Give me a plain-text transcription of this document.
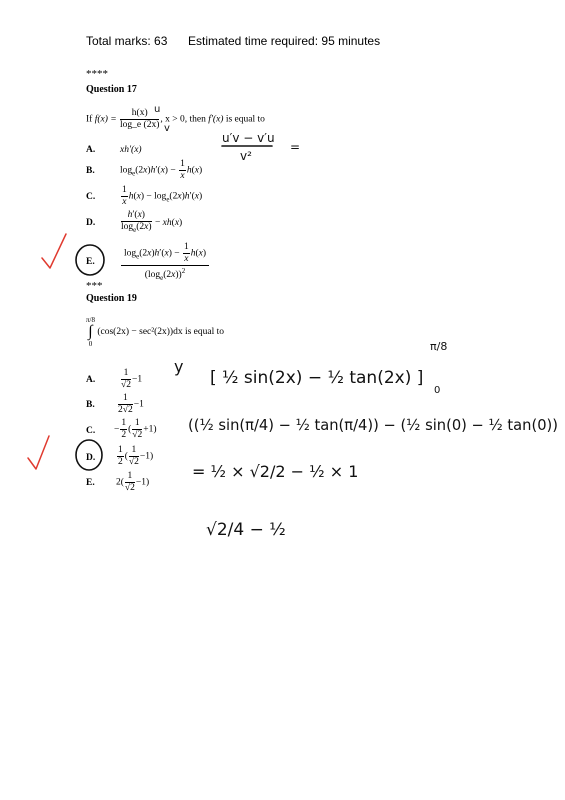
Total marks: 63 Estimated time required: 95 minutes
****
Question 17
If $f(x) = \frac{h(x)}{\log\_e (2x)}$ , x > 0, then f′(x) is equal to
A.	xh′(x)
B.	$\log_e(2x)h'(x) - \frac{1}{x} h(x)$
C.	$\frac{1}{x} h(x) - \log_e(2x)h'(x)$
D.	$\frac{h'(x)}{\log_e(2x)} - xh(x)$
E.	$\frac{\log_e(2x)h'(x) - \frac{1}{x} h(x)}{(\log_e(2x))^2}$
***
Question 19
π/8
∫
0
(cos(2x) − sec²(2x))dx is equal to
A.	$\frac{1}{√2} -1$
B. $\frac{1}{2√2} -1$
C. − $\frac{1}{2}$ ( $\frac{1}{√2} +1$)
D. $\frac{1}{2}$ ( $\frac{1}{√2} -1$)
E. $2( \frac{1}{√2} -1)$
u
v
u′v − v′u
v²
=
y
[ ½ sin(2x) − ½ tan(2x) ]
π/8
0
((½ sin(π/4) − ½ tan(π/4)) − (½ sin(0) − ½ tan(0))
= ½ × √2/2 − ½ × 1
√2/4 − ½
